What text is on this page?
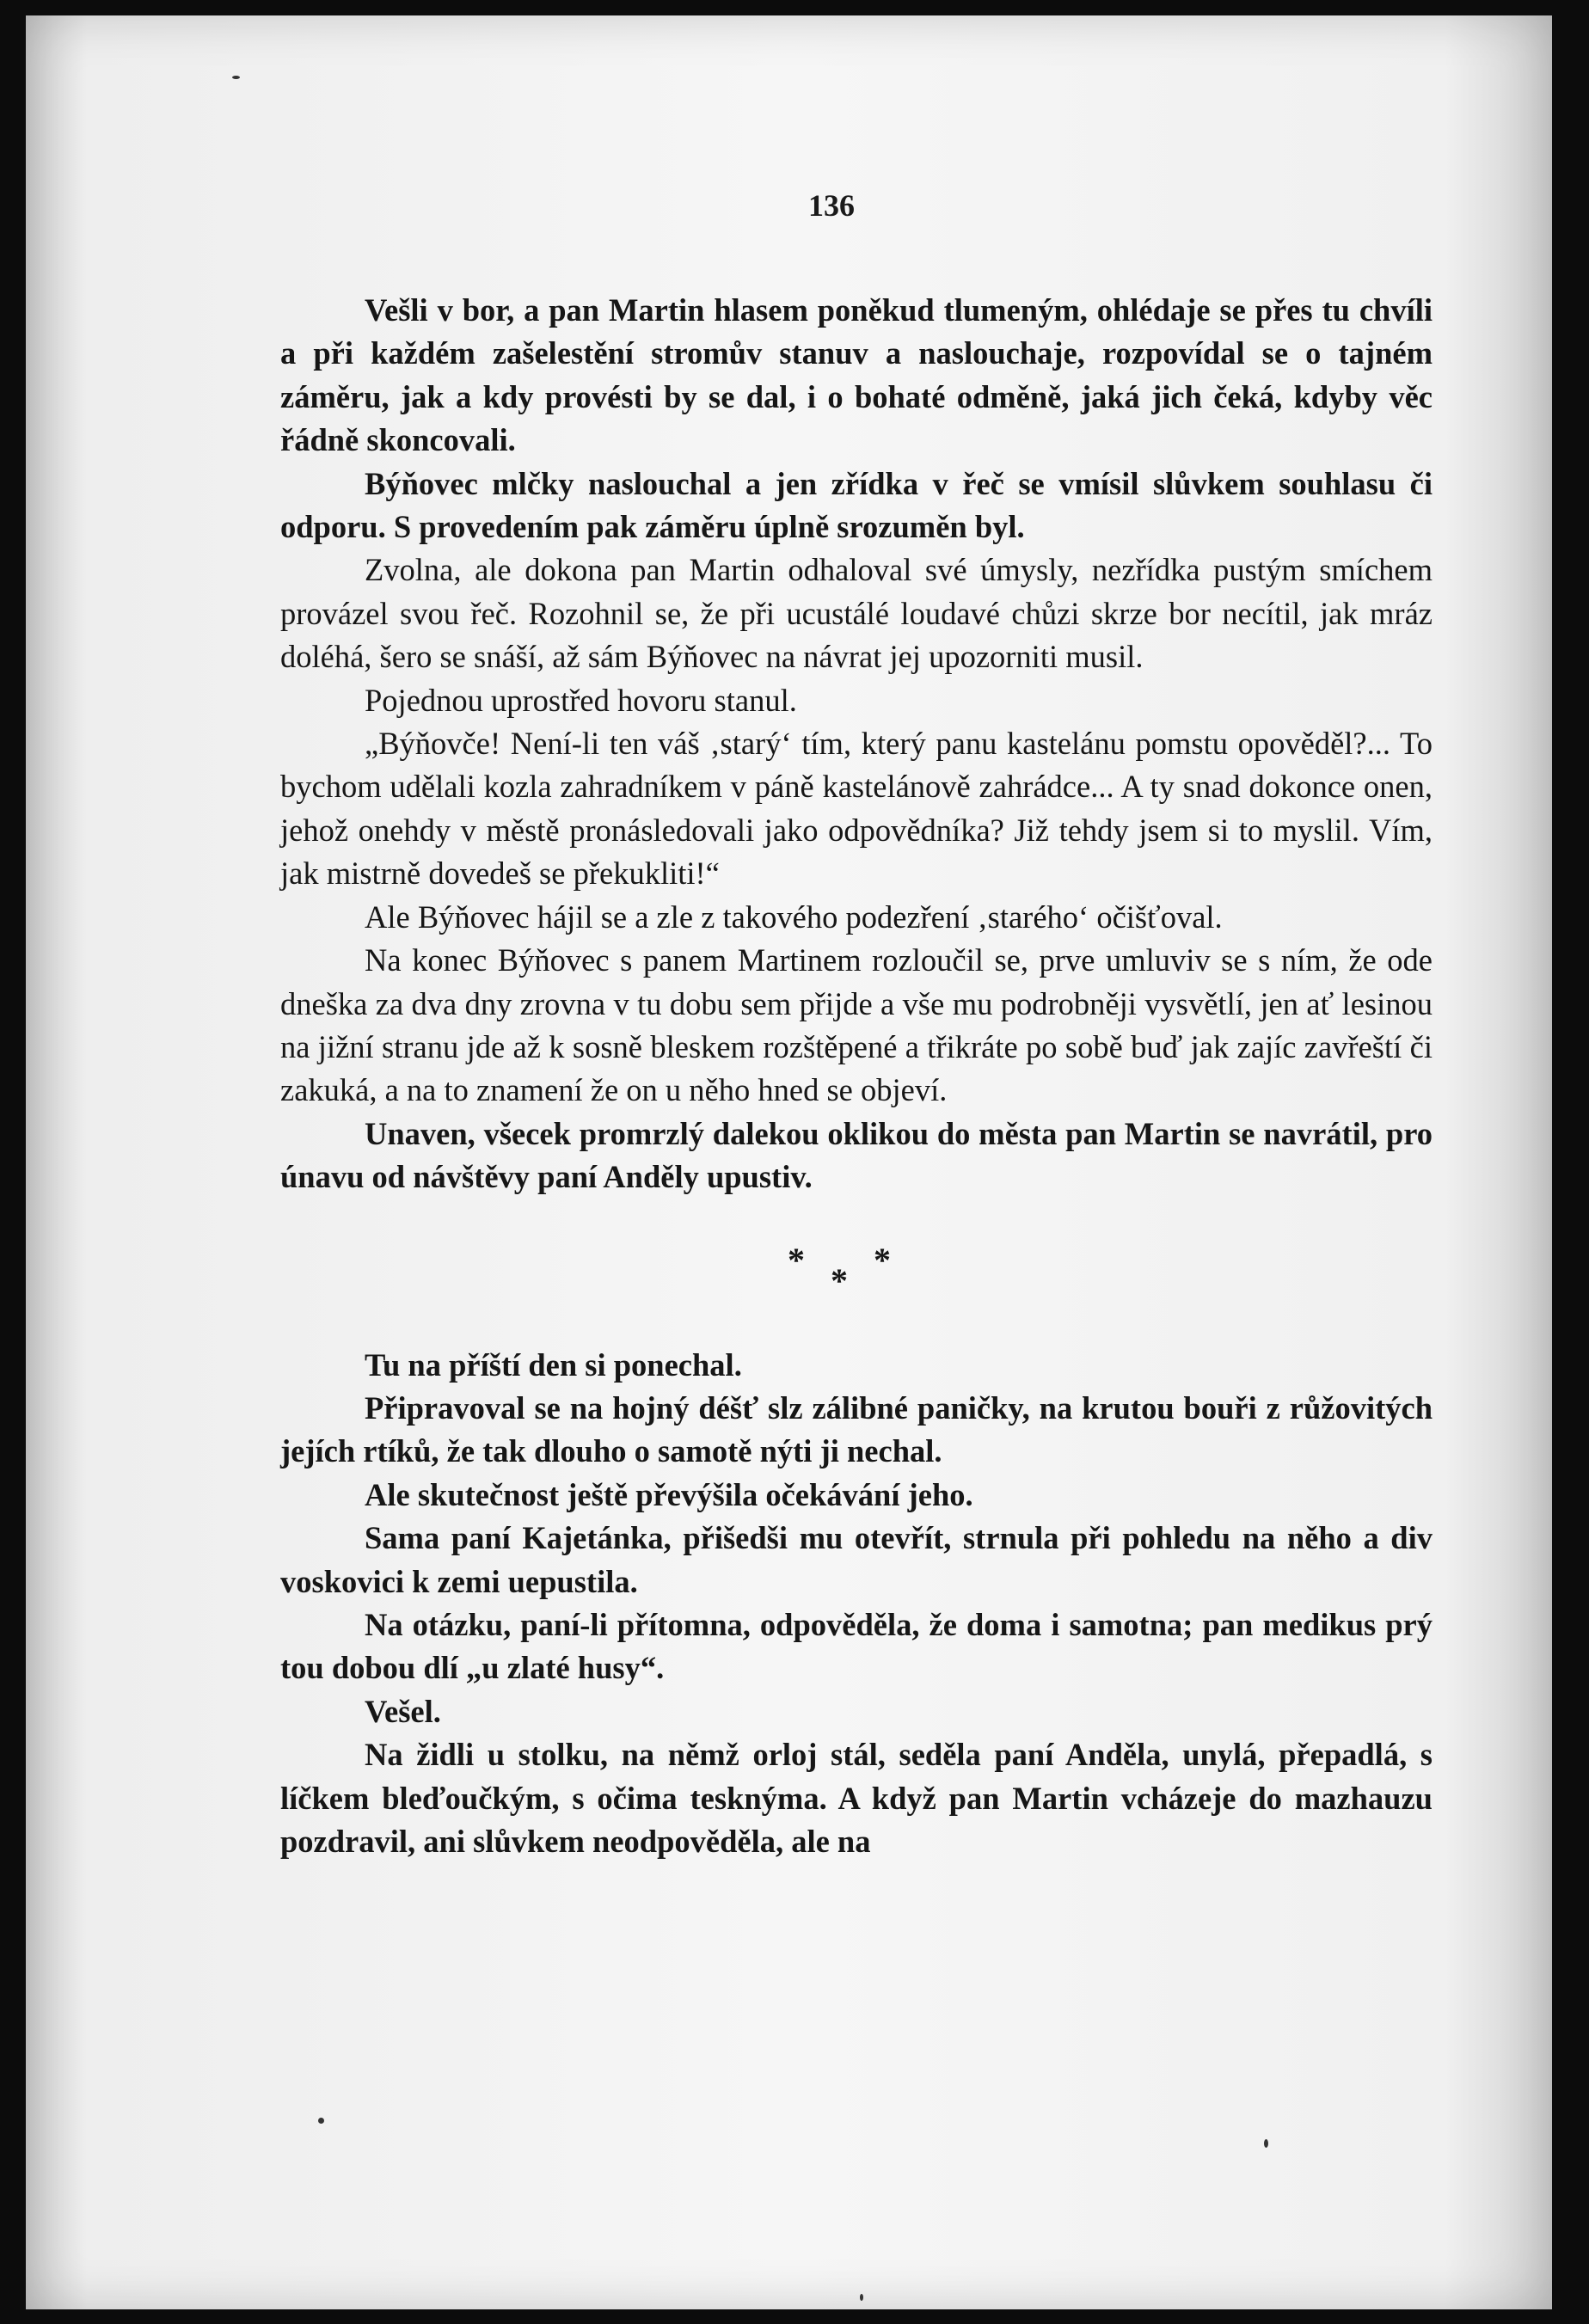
136

Vešli v bor, a pan Martin hlasem poněkud tlumeným, ohlédaje se přes tu chvíli a při každém zašelestění stromův stanuv a naslouchaje, rozpovídal se o tajném záměru, jak a kdy provésti by se dal, i o bohaté odměně, jaká jich čeká, kdyby věc řádně skoncovali.

Býňovec mlčky naslouchal a jen zřídka v řeč se vmísil slůvkem souhlasu či odporu. S provedením pak záměru úplně srozuměn byl.

Zvolna, ale dokona pan Martin odhaloval své úmysly, nezřídka pustým smíchem provázel svou řeč. Rozohnil se, že při ucustálé loudavé chůzi skrze bor necítil, jak mráz doléhá, šero se snáší, až sám Býňovec na návrat jej upozorniti musil.

Pojednou uprostřed hovoru stanul.

„Býňovče! Není-li ten váš ‚starý‘ tím, který panu kastelánu pomstu opověděl?... To bychom udělali kozla zahradníkem v páně kastelánově zahrádce... A ty snad dokonce onen, jehož onehdy v městě pronásledovali jako odpovědníka? Již tehdy jsem si to myslil. Vím, jak mistrně dovedeš se překukliti!“

Ale Býňovec hájil se a zle z takového podezření ‚starého‘ očišťoval.

Na konec Býňovec s panem Martinem rozloučil se, prve umluviv se s ním, že ode dneška za dva dny zrovna v tu dobu sem přijde a vše mu podrobněji vysvětlí, jen ať lesinou na jižní stranu jde až k sosně bleskem rozštěpené a třikráte po sobě buď jak zajíc zavřeští či zakuká, a na to znamení že on u něho hned se objeví.

Unaven, všecek promrzlý dalekou oklikou do města pan Martin se navrátil, pro únavu od návštěvy paní Anděly upustiv.

*
*
*

Tu na příští den si ponechal.

Připravoval se na hojný déšť slz zálibné paničky, na krutou bouři z růžovitých jejích rtíků, že tak dlouho o samotě nýti ji nechal.

Ale skutečnost ještě převýšila očekávání jeho.

Sama paní Kajetánka, přišedši mu otevřít, strnula při pohledu na něho a div voskovici k zemi uepustila.

Na otázku, paní-li přítomna, odpověděla, že doma i samotna; pan medikus prý tou dobou dlí „u zlaté husy“.

Vešel.

Na židli u stolku, na němž orloj stál, seděla paní Anděla, unylá, přepadlá, s líčkem bleďoučkým, s očima tesknýma. A když pan Martin vcházeje do mazhauzu pozdravil, ani slůvkem neodpověděla, ale na
